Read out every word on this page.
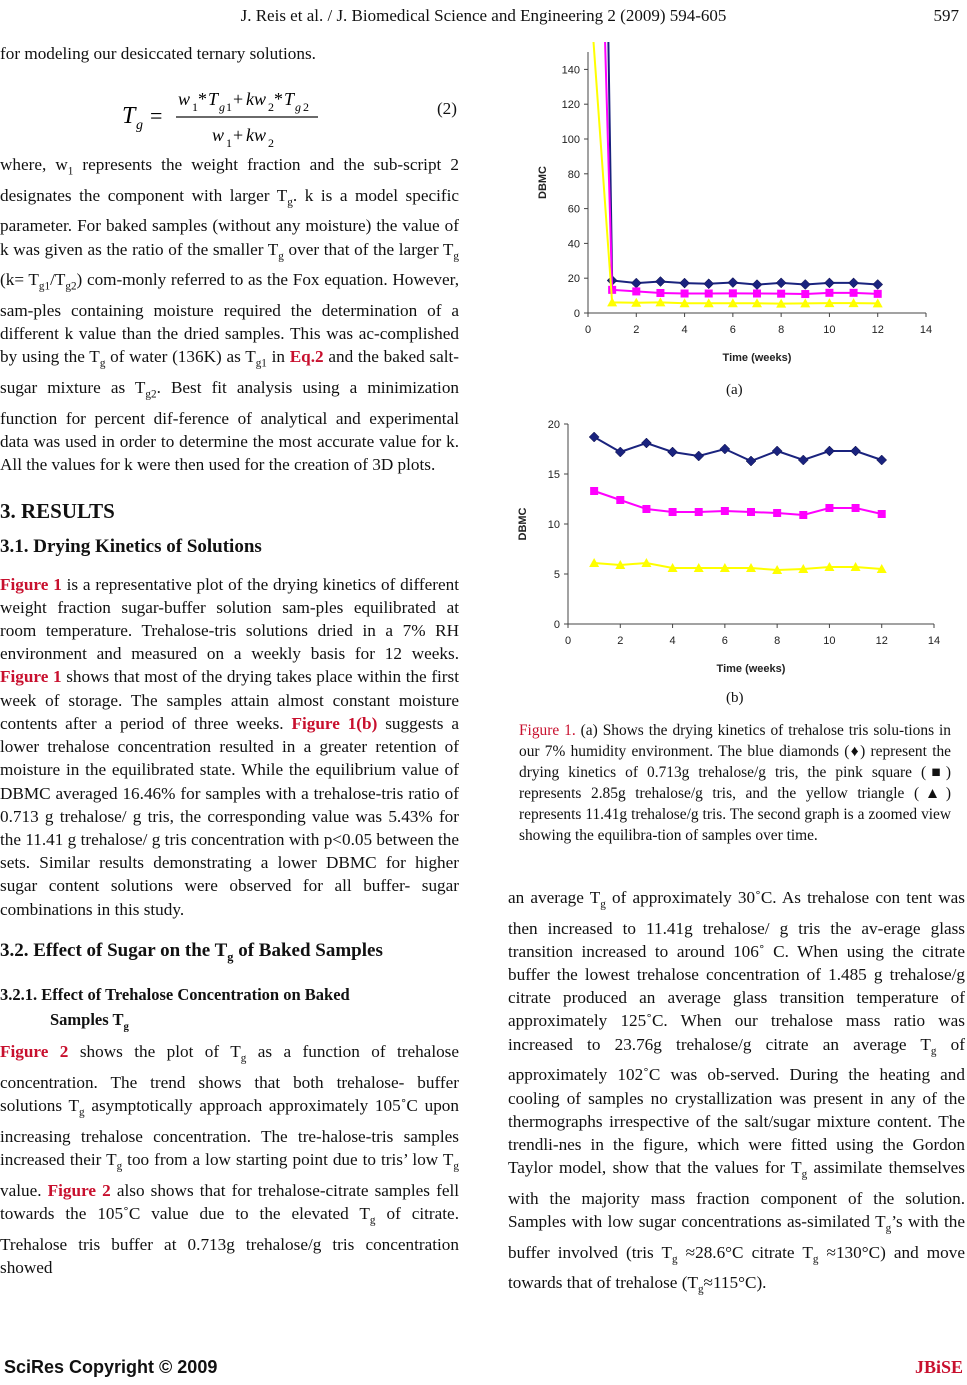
J. Reis et al. / J. Biomedical Science and Engineering 2 (2009) 594-605	597

for modeling our desiccated ternary solutions.

T g =
w 1 * T g 1 + kw 2 * T g 2
w 1 + kw 2
(2)

where, $w_1$ represents the weight fraction and the sub-script 2 designates the component with larger $T_g$. k is a model specific parameter. For baked samples (without any moisture) the value of k was given as the ratio of the smaller $T_g$ over that of the larger $T_g$ $(k= T_{g1}/T_{g2})$ com-monly referred to as the Fox equation. However, sam-ples containing moisture required the determination of a different k value than the dried samples. This was ac-complished by using the $T_g$ of water (136K) as $T_{g1}$ in Eq.2 and the baked salt-sugar mixture as $T_{g2}$. Best fit analysis using a minimization function for percent dif-ference of analytical and experimental data was used in order to determine the most accurate value for k. All the values for k were then used for the creation of 3D plots.

3. RESULTS
3.1. Drying Kinetics of Solutions

Figure 1 is a representative plot of the drying kinetics of different weight fraction sugar-buffer solution sam-ples equilibrated at room temperature. Trehalose-tris solutions dried in a 7% RH environment and measured on a weekly basis for 12 weeks. Figure 1 shows that most of the drying takes place within the first week of storage. The samples attain almost constant moisture contents after a period of three weeks. Figure 1(b) suggests a lower trehalose concentration resulted in a greater retention of moisture in the equilibrated state. While the equilibrium value of DBMC averaged 16.46% for samples with a trehalose-tris ratio of 0.713 g trehalose/ g tris, the corresponding value was 5.43% for the 11.41 g trehalose/ g tris concentration with p<0.05 between the sets. Similar results demonstrating a lower DBMC for higher sugar content solutions were observed for all buffer- sugar combinations in this study.

3.2. Effect of Sugar on the $T_g$ of Baked Samples
3.2.1. Effect of Trehalose Concentration on Baked
Samples $T_g$

Figure 2 shows the plot of $T_g$ as a function of trehalose concentration. The trend shows that both trehalose- buffer solutions $T_g$ asymptotically approach approximately 105˚C upon increasing trehalose concentration. The tre-halose-tris samples increased their $T_g$ too from a low starting point due to tris’ low $T_g$ value. Figure 2 also shows that for trehalose-citrate samples fell towards the 105˚C value due to the elevated $T_g$ of citrate. Trehalose tris buffer at 0.713g trehalose/g tris concentration showed

0	2	4	6	8	10	12	14
0
20
40
60
80
100
120
140
Time (weeks)
DBMC
(a)
0	2	4	6	8	10	12	14
0
5
10
15
20
Time (weeks)
DBMC
(b)
Figure 1. (a) Shows the drying kinetics of trehalose tris solu-tions in our 7% humidity environment. The blue diamonds (♦) represent the drying kinetics of 0.713g trehalose/g tris, the pink square (■) represents 2.85g trehalose/g tris, and the yellow triangle (▲) represents 11.41g trehalose/g tris. The second graph is a zoomed view showing the equilibra-tion of samples over time.

an average $T_g$ of approximately 30˚C. As trehalose con tent was then increased to 11.41g trehalose/ g tris the av-erage glass transition increased to around 106˚ C. When using the citrate buffer the lowest trehalose concentration of 1.485 g trehalose/g citrate produced an average glass transition temperature of approximately 125˚C. When our trehalose mass ratio was increased to 23.76g trehalose/g citrate an average $T_g$ of approximately 102˚C was ob-served. During the heating and cooling of samples no crystallization was present in any of the thermographs irrespective of the salt/sugar mixture content. The trendli-nes in the figure, which were fitted using the Gordon Taylor model, show that the values for $T_g$ assimilate themselves with the majority mass fraction component of the solution. Samples with low sugar concentrations as-similated $T_g’s$ with the buffer involved (tris $T_g \approx 28.6^\circ C$ citrate $T_g \approx 130^\circ C$) and move towards that of trehalose $(T_g\approx 115^\circ C)$.

SciRes Copyright © 2009	JBiSE
